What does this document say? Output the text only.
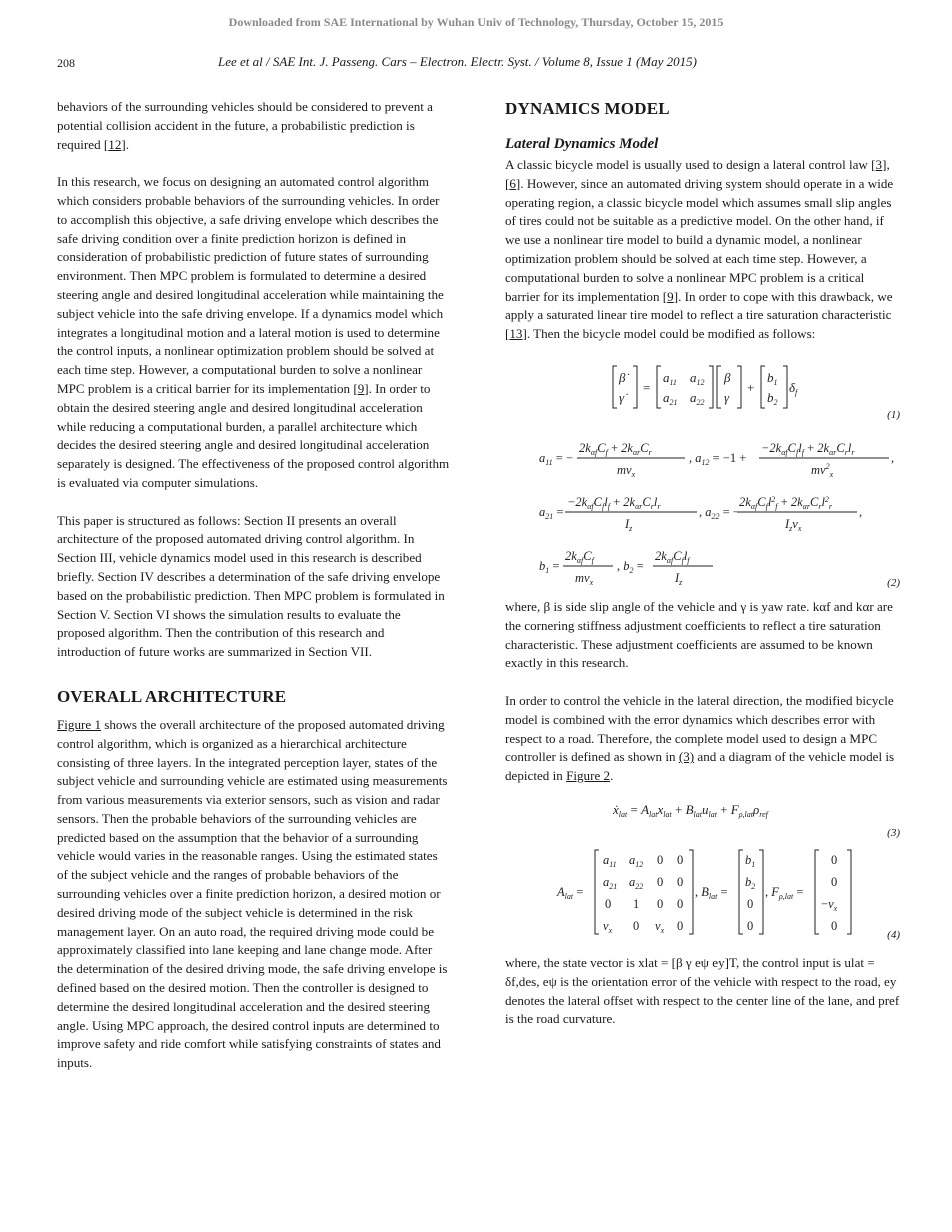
Downloaded from SAE International by Wuhan Univ of Technology, Thursday, October 15, 2015
208	Lee et al / SAE Int. J. Passeng. Cars – Electron. Electr. Syst. / Volume 8, Issue 1 (May 2015)

behaviors of the surrounding vehicles should be considered to prevent a potential collision accident in the future, a probabilistic prediction is required [12].

In this research, we focus on designing an automated control algorithm which considers probable behaviors of the surrounding vehicles. In order to accomplish this objective, a safe driving envelope which describes the safe driving condition over a finite prediction horizon is defined in consideration of probabilistic prediction of future states of surrounding environment. Then MPC problem is formulated to determine a desired steering angle and desired longitudinal acceleration while maintaining the subject vehicle into the safe driving envelope. If a dynamics model which integrates a longitudinal motion and a lateral motion is used to determine the control inputs, a nonlinear optimization problem should be solved at each time step. However, a computational burden to solve a nonlinear MPC problem is a critical barrier for its implementation [9]. In order to obtain the desired steering angle and desired longitudinal acceleration while reducing a computational burden, a parallel architecture which decides the desired steering angle and desired longitudinal acceleration separately is designed. The effectiveness of the proposed control algorithm is evaluated via computer simulations.

This paper is structured as follows: Section II presents an overall architecture of the proposed automated driving control algorithm. In Section III, vehicle dynamics model used in this research is described briefly. Section IV describes a determination of the safe driving envelope based on the probabilistic prediction. Then MPC problem is formulated in Section V. Section VI shows the simulation results to evaluate the proposed algorithm. Then the contribution of this research and introduction of future works are summarized in Section VII.

OVERALL ARCHITECTURE

Figure 1 shows the overall architecture of the proposed automated driving control algorithm, which is organized as a hierarchical architecture consisting of three layers. In the integrated perception layer, states of the subject vehicle and surrounding vehicle are estimated using measurements from various measurements via exterior sensors, such as vision and radar sensors. Then the probable behaviors of the surrounding vehicles are predicted based on the assumption that the behavior of a surrounding vehicle would varies in the reasonable ranges. Using the estimated states of the subject vehicle and the ranges of probable behaviors of the surrounding vehicles over a finite prediction horizon, a desired motion or desired driving mode of the subject vehicle is determined in the risk management layer. On an auto road, the required driving mode could be approximately classified into lane keeping and lane change mode. After the determination of the desired driving mode, the safe driving envelope is defined based on the desired motion. Then the controller is designed to determine the desired longitudinal acceleration and the desired steering angle. Using MPC approach, the desired control inputs are determined to improve safety and ride comfort while satisfying constraints of states and inputs.

DYNAMICS MODEL
Lateral Dynamics Model

A classic bicycle model is usually used to design a lateral control law [3], [6]. However, since an automated driving system should operate in a wide operating region, a classic bicycle model which assumes small slip angles of tires could not be suitable as a predictive model. On the other hand, if we use a nonlinear tire model to build a dynamic model, a nonlinear optimization problem should be solved at each time step. However, a computational burden to solve a nonlinear MPC problem is a critical barrier for its implementation [9]. In order to cope with this drawback, we apply a saturated linear tire model to reflect a tire saturation characteristic [13]. Then the bicycle model could be modified as follows:

β̇
γ̇
=
$a_{11}$ $a_{12}$
$a_{21}$ $a_{22}$
β
γ
+
$b_1$
$b_2$
$\delta_f$
(1)
$a_{11}$ = −
$2k_{\alpha f}C_f + 2k_{\alpha r}C_r$
$mv_x$
, $a_{12} = -1$ +
$-2k_{\alpha f}C_fl_f + 2k_{\alpha r}C_rl_r$
$mv^2_x$
,
$a_{21}$ =
$-2k_{\alpha f}C_fl_f + 2k_{\alpha r}C_rl_r$
$I_z$
, $a_{22}$ = −
$2k_{\alpha f}C_fl^2_f + 2k_{\alpha r}C_rl^2_r$
$I_zv_x$
,
$b_1$ =
$2k_{\alpha f}C_f$
$mv_x$
, $b_2$ =
$2k_{\alpha f}C_fl_f$
$I_z$	(2)

where, β is side slip angle of the vehicle and γ is yaw rate. kαf and kαr are the cornering stiffness adjustment coefficients to reflect a tire saturation characteristic. These adjustment coefficients are assumed to be known exactly in this research.

In order to control the vehicle in the lateral direction, the modified bicycle model is combined with the error dynamics which describes error with respect to a road. Therefore, the complete model used to design a MPC controller is defined as shown in (3) and a diagram of the vehicle model is depicted in Figure 2.

ẋ$_{lat}$ = $A_{lat}x_{lat} + B_{lat}u_{lat} + F_{\rho,lat}\rho_{ref}$
(3)
$A_{lat}$ =
$a_{11}$ $a_{12}$ 0 0
$a_{21}$ $a_{22}$ 0 0
0 1 0 0
$v_x$ 0 $v_x$ 0
, $B_{lat}$ =
$b_1$
$b_2$
0
0
, $F_{\rho,lat}$ =
0
0
$-v_x$
0
(4)

where, the state vector is xlat = [β γ eψ ey]T, the control input is ulat = δf,des, eψ is the orientation error of the vehicle with respect to the road, ey denotes the lateral offset with respect to the center line of the lane, and pref is the road curvature.
